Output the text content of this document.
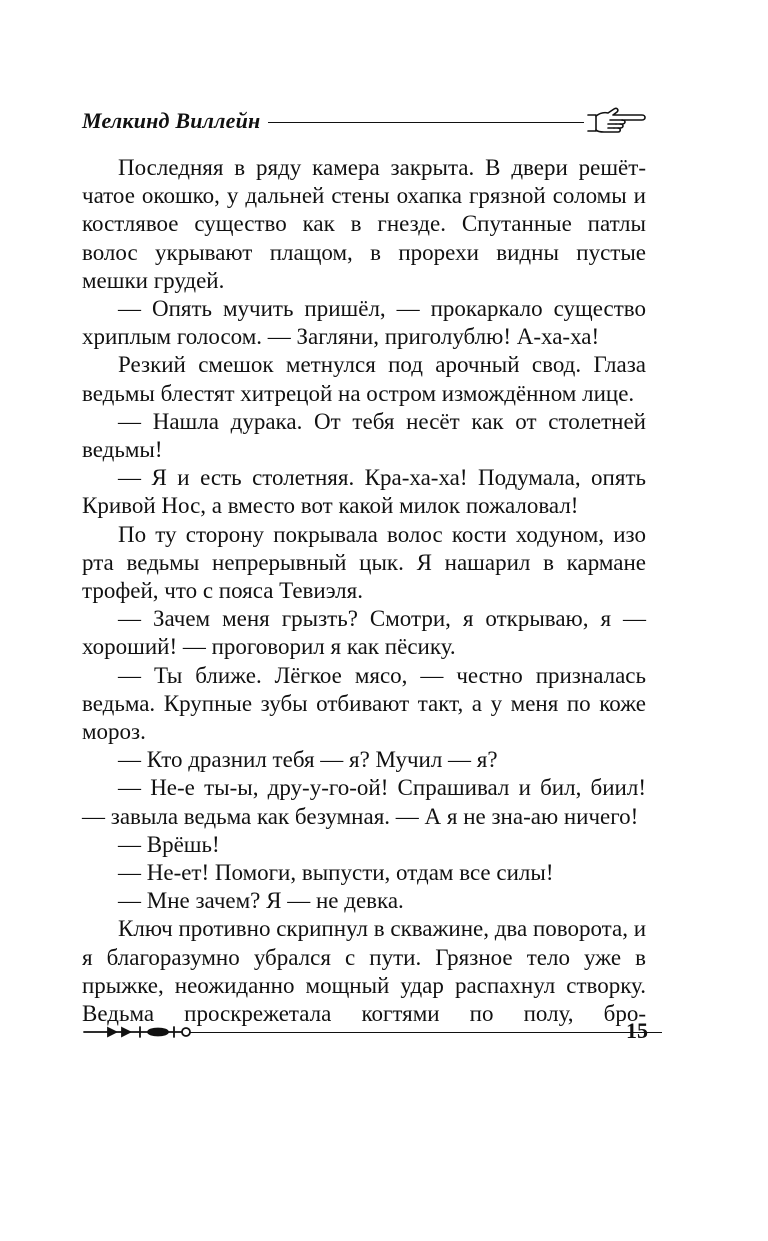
Мелкинд Виллейн

Последняя в ряду камера закрыта. В двери решётчатое окошко, у дальней стены охапка грязной соломы и костлявое существо как в гнезде. Спутанные патлы волос укрывают плащом, в прорехи видны пустые мешки грудей.

— Опять мучить пришёл, — прокаркало существо хриплым голосом. — Загляни, приголублю! А-ха-ха!

Резкий смешок метнулся под арочный свод. Глаза ведьмы блестят хитрецой на остром измождённом лице.

— Нашла дурака. От тебя несёт как от столетней ведьмы!

— Я и есть столетняя. Кра-ха-ха! Подумала, опять Кривой Нос, а вместо вот какой милок пожаловал!

По ту сторону покрывала волос кости ходуном, изо рта ведьмы непрерывный цык. Я нашарил в кармане трофей, что с пояса Тевиэля.

— Зачем меня грызть? Смотри, я открываю, я — хороший! — проговорил я как пёсику.

— Ты ближе. Лёгкое мясо, — честно призналась ведьма. Крупные зубы отбивают такт, а у меня по коже мороз.

— Кто дразнил тебя — я? Мучил — я?

— Не-е ты-ы, дру-у-го-ой! Спрашивал и бил, биил! — завыла ведьма как безумная. — А я не зна-аю ничего!

— Врёшь!

— Не-ет! Помоги, выпусти, отдам все силы!

— Мне зачем? Я — не девка.

Ключ противно скрипнул в скважине, два поворота, и я благоразумно убрался с пути. Грязное тело уже в прыжке, неожиданно мощный удар распахнул створку. Ведьма проскрежетала когтями по полу, бро-

15
